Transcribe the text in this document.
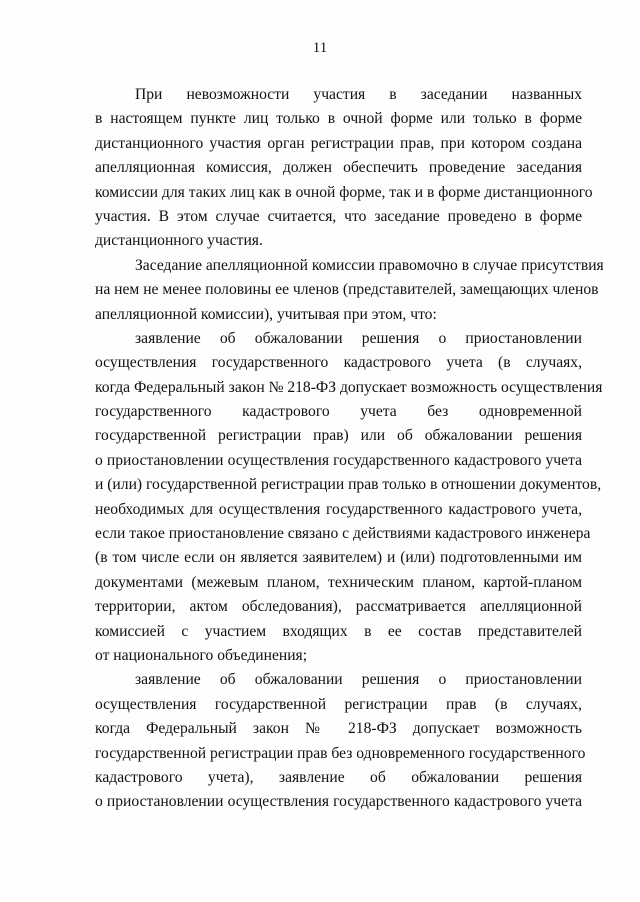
11
При невозможности участия в заседании названных
в настоящем пункте лиц только в очной форме или только в форме
дистанционного участия орган регистрации прав, при котором создана
апелляционная комиссия, должен обеспечить проведение заседания
комиссии для таких лиц как в очной форме, так и в форме дистанционного
участия. В этом случае считается, что заседание проведено в форме
дистанционного участия.
Заседание апелляционной комиссии правомочно в случае присутствия
на нем не менее половины ее членов (представителей, замещающих членов
апелляционной комиссии), учитывая при этом, что:
заявление об обжаловании решения о приостановлении
осуществления государственного кадастрового учета (в случаях,
когда Федеральный закон № 218-ФЗ допускает возможность осуществления
государственного кадастрового учета без одновременной
государственной регистрации прав) или об обжаловании решения
о приостановлении осуществления государственного кадастрового учета
и (или) государственной регистрации прав только в отношении документов,
необходимых для осуществления государственного кадастрового учета,
если такое приостановление связано с действиями кадастрового инженера
(в том числе если он является заявителем) и (или) подготовленными им
документами (межевым планом, техническим планом, картой-планом
территории, актом обследования), рассматривается апелляционной
комиссией с участием входящих в ее состав представителей
от национального объединения;
заявление об обжаловании решения о приостановлении
осуществления государственной регистрации прав (в случаях,
когда Федеральный закон № 218-ФЗ допускает возможность
государственной регистрации прав без одновременного государственного
кадастрового учета), заявление об обжаловании решения
о приостановлении осуществления государственного кадастрового учета
